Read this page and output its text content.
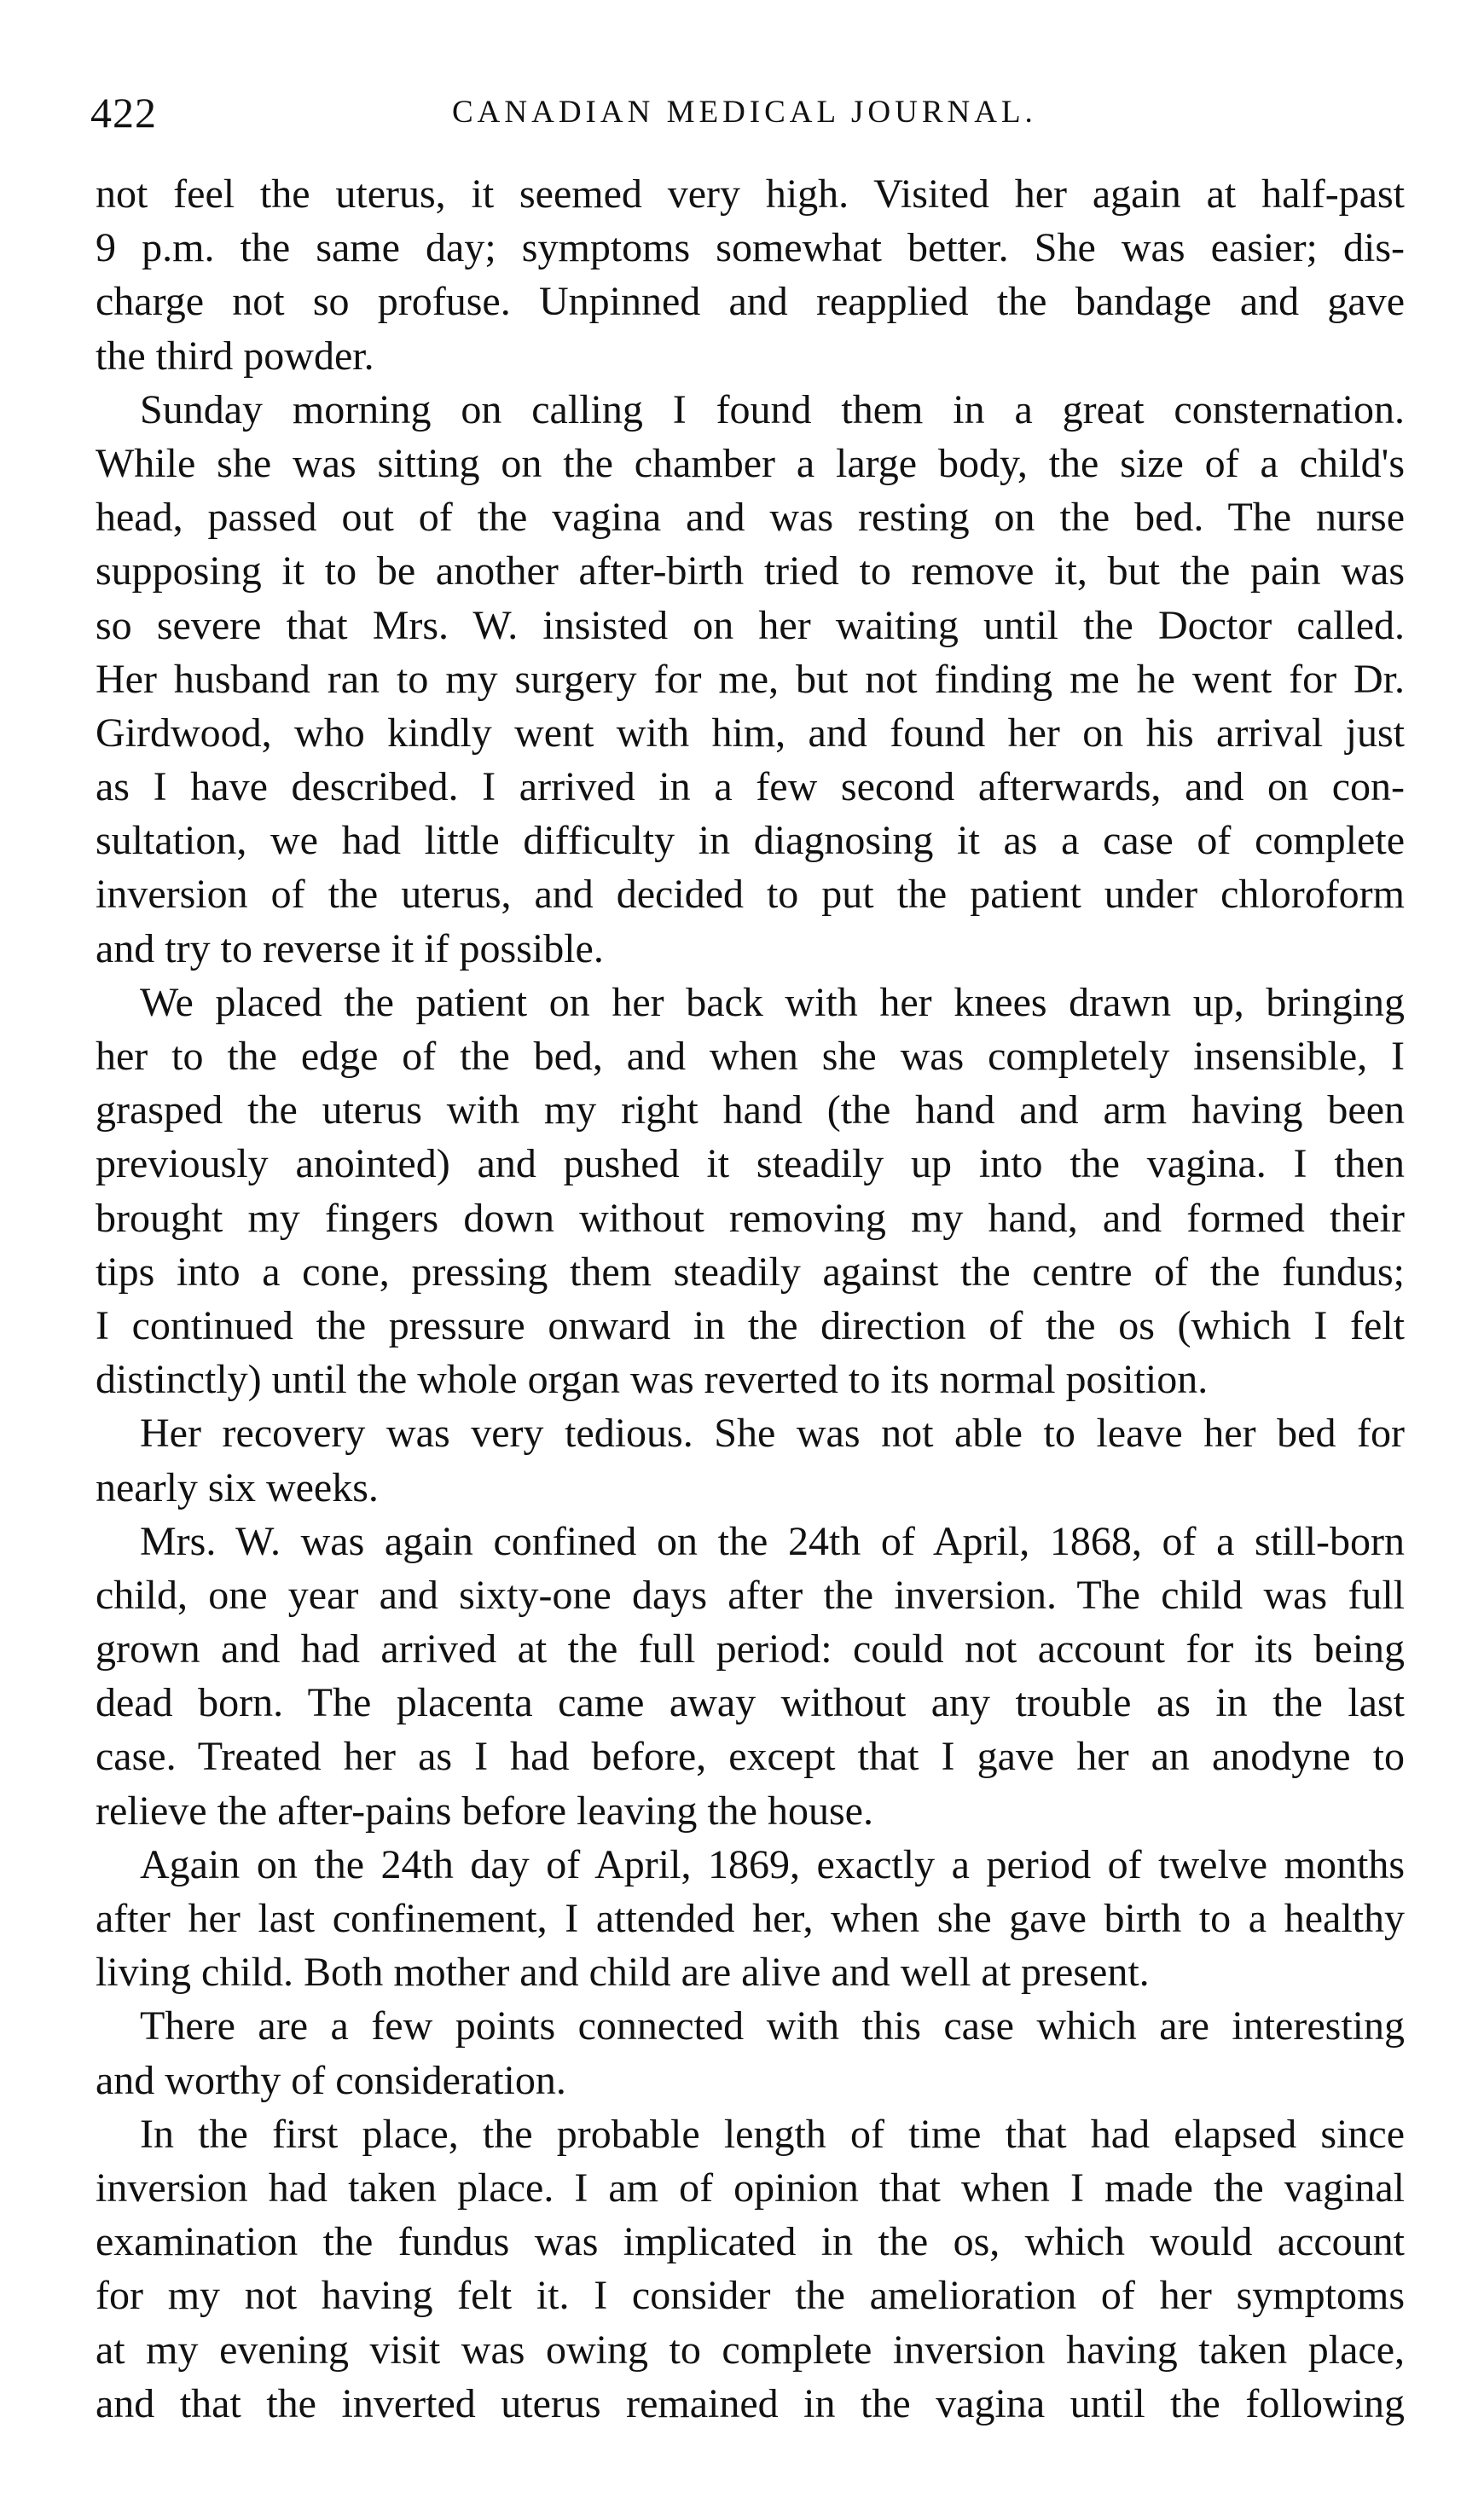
422	CANADIAN MEDICAL JOURNAL.
not feel the uterus, it seemed very high. Visited her again at half-past
9 p.m. the same day; symptoms somewhat better. She was easier; dis-
charge not so profuse. Unpinned and reapplied the bandage and gave
the third powder.
Sunday morning on calling I found them in a great consternation.
While she was sitting on the chamber a large body, the size of a child's
head, passed out of the vagina and was resting on the bed. The nurse
supposing it to be another after-birth tried to remove it, but the pain was
so severe that Mrs. W. insisted on her waiting until the Doctor called.
Her husband ran to my surgery for me, but not finding me he went for Dr.
Girdwood, who kindly went with him, and found her on his arrival just
as I have described. I arrived in a few second afterwards, and on con-
sultation, we had little difficulty in diagnosing it as a case of complete
inversion of the uterus, and decided to put the patient under chloroform
and try to reverse it if possible.
We placed the patient on her back with her knees drawn up, bringing
her to the edge of the bed, and when she was completely insensible, I
grasped the uterus with my right hand (the hand and arm having been
previously anointed) and pushed it steadily up into the vagina. I then
brought my fingers down without removing my hand, and formed their
tips into a cone, pressing them steadily against the centre of the fundus;
I continued the pressure onward in the direction of the os (which I felt
distinctly) until the whole organ was reverted to its normal position.
Her recovery was very tedious. She was not able to leave her bed for
nearly six weeks.
Mrs. W. was again confined on the 24th of April, 1868, of a still-born
child, one year and sixty-one days after the inversion. The child was full
grown and had arrived at the full period: could not account for its being
dead born. The placenta came away without any trouble as in the last
case. Treated her as I had before, except that I gave her an anodyne to
relieve the after-pains before leaving the house.
Again on the 24th day of April, 1869, exactly a period of twelve months
after her last confinement, I attended her, when she gave birth to a healthy
living child. Both mother and child are alive and well at present.
There are a few points connected with this case which are interesting
and worthy of consideration.
In the first place, the probable length of time that had elapsed since
inversion had taken place. I am of opinion that when I made the vaginal
examination the fundus was implicated in the os, which would account
for my not having felt it. I consider the amelioration of her symptoms
at my evening visit was owing to complete inversion having taken place,
and that the inverted uterus remained in the vagina until the following
